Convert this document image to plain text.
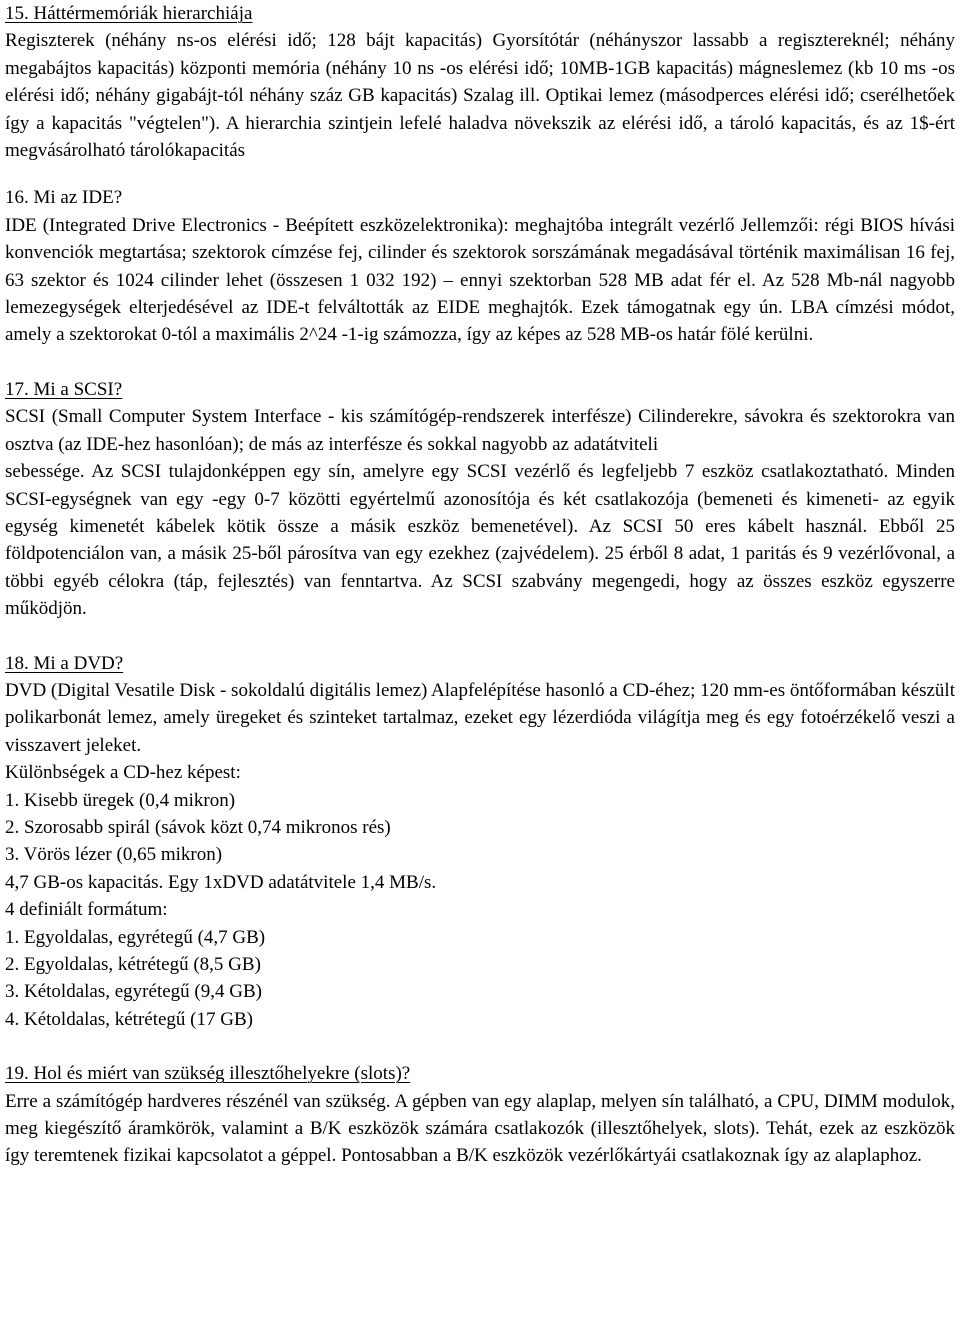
15. Háttérmemóriák hierarchiája
Regiszterek (néhány ns-os elérési idő; 128 bájt kapacitás) Gyorsítótár (néhányszor lassabb a regisztereknél; néhány megabájtos kapacitás) központi memória (néhány 10 ns -os elérési idő; 10MB-1GB kapacitás) mágneslemez (kb 10 ms -os elérési idő; néhány gigabájt-tól néhány száz GB kapacitás) Szalag ill. Optikai lemez (másodperces elérési idő; cserélhetőek így a kapacitás "végtelen"). A hierarchia szintjein lefelé haladva növekszik az elérési idő, a tároló kapacitás, és az 1$-ért megvásárolható tárolókapacitás
16. Mi az IDE?
IDE (Integrated Drive Electronics - Beépített eszközelektronika): meghajtóba integrált vezérlő Jellemzői: régi BIOS hívási konvenciók megtartása; szektorok címzése fej, cilinder és szektorok sorszámának megadásával történik maximálisan 16 fej, 63 szektor és 1024 cilinder lehet (összesen 1 032 192) – ennyi szektorban 528 MB adat fér el. Az 528 Mb-nál nagyobb lemezegységek elterjedésével az IDE-t felváltották az EIDE meghajtók. Ezek támogatnak egy ún. LBA címzési módot, amely a szektorokat 0-tól a maximális 2^24 -1-ig számozza, így az képes az 528 MB-os határ fölé kerülni.
17. Mi a SCSI?
SCSI (Small Computer System Interface - kis számítógép-rendszerek interfésze) Cilinderekre, sávokra és szektorokra van osztva (az IDE-hez hasonlóan); de más az interfésze és sokkal nagyobb az adatátviteli
sebessége. Az SCSI tulajdonképpen egy sín, amelyre egy SCSI vezérlő és legfeljebb 7 eszköz csatlakoztatható. Minden SCSI-egységnek van egy -egy 0-7 közötti egyértelmű azonosítója és két csatlakozója (bemeneti és kimeneti- az egyik egység kimenetét kábelek kötik össze a másik eszköz bemenetével). Az SCSI 50 eres kábelt használ. Ebből 25 földpotenciálon van, a másik 25-ből párosítva van egy ezekhez (zajvédelem). 25 érből 8 adat, 1 paritás és 9 vezérlővonal, a többi egyéb célokra (táp, fejlesztés) van fenntartva. Az SCSI szabvány megengedi, hogy az összes eszköz egyszerre működjön.
18. Mi a DVD?
DVD (Digital Vesatile Disk - sokoldalú digitális lemez) Alapfelépítése hasonló a CD-éhez; 120 mm-es öntőformában készült polikarbonát lemez, amely üregeket és szinteket tartalmaz, ezeket egy lézerdióda világítja meg és egy fotoérzékelő veszi a visszavert jeleket.
Különbségek a CD-hez képest:
1. Kisebb üregek (0,4 mikron)
2. Szorosabb spirál (sávok közt 0,74 mikronos rés)
3. Vörös lézer (0,65 mikron)
4,7 GB-os kapacitás. Egy 1xDVD adatátvitele 1,4 MB/s.
4 definiált formátum:
1. Egyoldalas, egyrétegű (4,7 GB)
2. Egyoldalas, kétrétegű (8,5 GB)
3. Kétoldalas, egyrétegű (9,4 GB)
4. Kétoldalas, kétrétegű (17 GB)
19. Hol és miért van szükség illesztőhelyekre (slots)?
Erre a számítógép hardveres részénél van szükség. A gépben van egy alaplap, melyen sín található, a CPU, DIMM modulok, meg kiegészítő áramkörök, valamint a B/K eszközök számára csatlakozók (illesztőhelyek, slots). Tehát, ezek az eszközök így teremtenek fizikai kapcsolatot a géppel. Pontosabban a B/K eszközök vezérlőkártyái csatlakoznak így az alaplaphoz.
